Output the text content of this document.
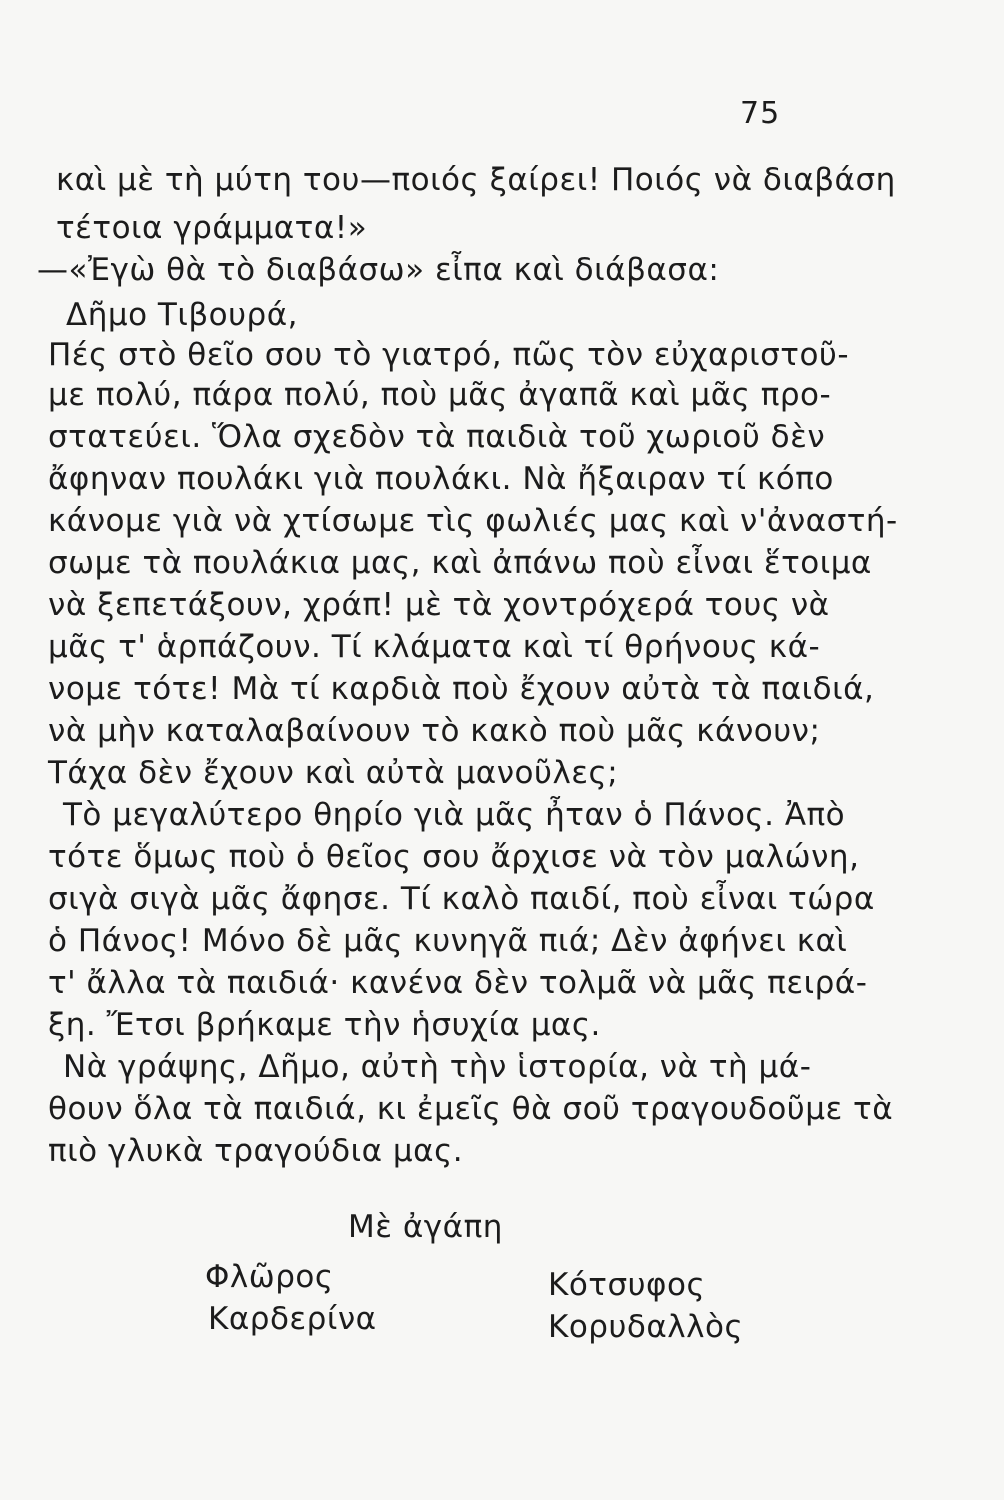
75
καὶ μὲ τὴ μύτη του—ποιός ξαίρει! Ποιός νὰ διαβάση
τέτοια γράμματα!»
—«Ἐγὼ θὰ τὸ διαβάσω» εἶπα καὶ διάβασα:
Δῆμο Τιβουρά,
Πές στὸ θεῖο σου τὸ γιατρό, πῶς τὸν εὐχαριστοῦ-
με πολύ, πάρα πολύ, ποὺ μᾶς ἀγαπᾶ καὶ μᾶς προ-
στατεύει. Ὅλα σχεδὸν τὰ παιδιὰ τοῦ χωριοῦ δὲν
ἄφηναν πουλάκι γιὰ πουλάκι. Νὰ ἤξαιραν τί κόπο
κάνομε γιὰ νὰ χτίσωμε τὶς φωλιές μας καὶ ν'ἀναστή-
σωμε τὰ πουλάκια μας, καὶ ἀπάνω ποὺ εἶναι ἕτοιμα
νὰ ξεπετάξουν, χράπ! μὲ τὰ χοντρόχερά τους νὰ
μᾶς τ' ἁρπάζουν. Τί κλάματα καὶ τί θρήνους κά-
νομε τότε! Μὰ τί καρδιὰ ποὺ ἔχουν αὐτὰ τὰ παιδιά,
νὰ μὴν καταλαβαίνουν τὸ κακὸ ποὺ μᾶς κάνουν;
Τάχα δὲν ἔχουν καὶ αὐτὰ μανοῦλες;
Τὸ μεγαλύτερο θηρίο γιὰ μᾶς ἦταν ὁ Πάνος. Ἀπὸ
τότε ὅμως ποὺ ὁ θεῖος σου ἄρχισε νὰ τὸν μαλώνη,
σιγὰ σιγὰ μᾶς ἄφησε. Τί καλὸ παιδί, ποὺ εἶναι τώρα
ὁ Πάνος! Μόνο δὲ μᾶς κυνηγᾶ πιά; Δὲν ἀφήνει καὶ
τ' ἄλλα τὰ παιδιά· κανένα δὲν τολμᾶ νὰ μᾶς πειρά-
ξη. Ἔτσι βρήκαμε τὴν ἡσυχία μας.
Νὰ γράψης, Δῆμο, αὐτὴ τὴν ἱστορία, νὰ τὴ μά-
θουν ὅλα τὰ παιδιά, κι ἐμεῖς θὰ σοῦ τραγουδοῦμε τὰ
πιὸ γλυκὰ τραγούδια μας.
Μὲ ἀγάπη
Φλῶρος
Καρδερίνα
Κότσυφος
Κορυδαλλὸς
